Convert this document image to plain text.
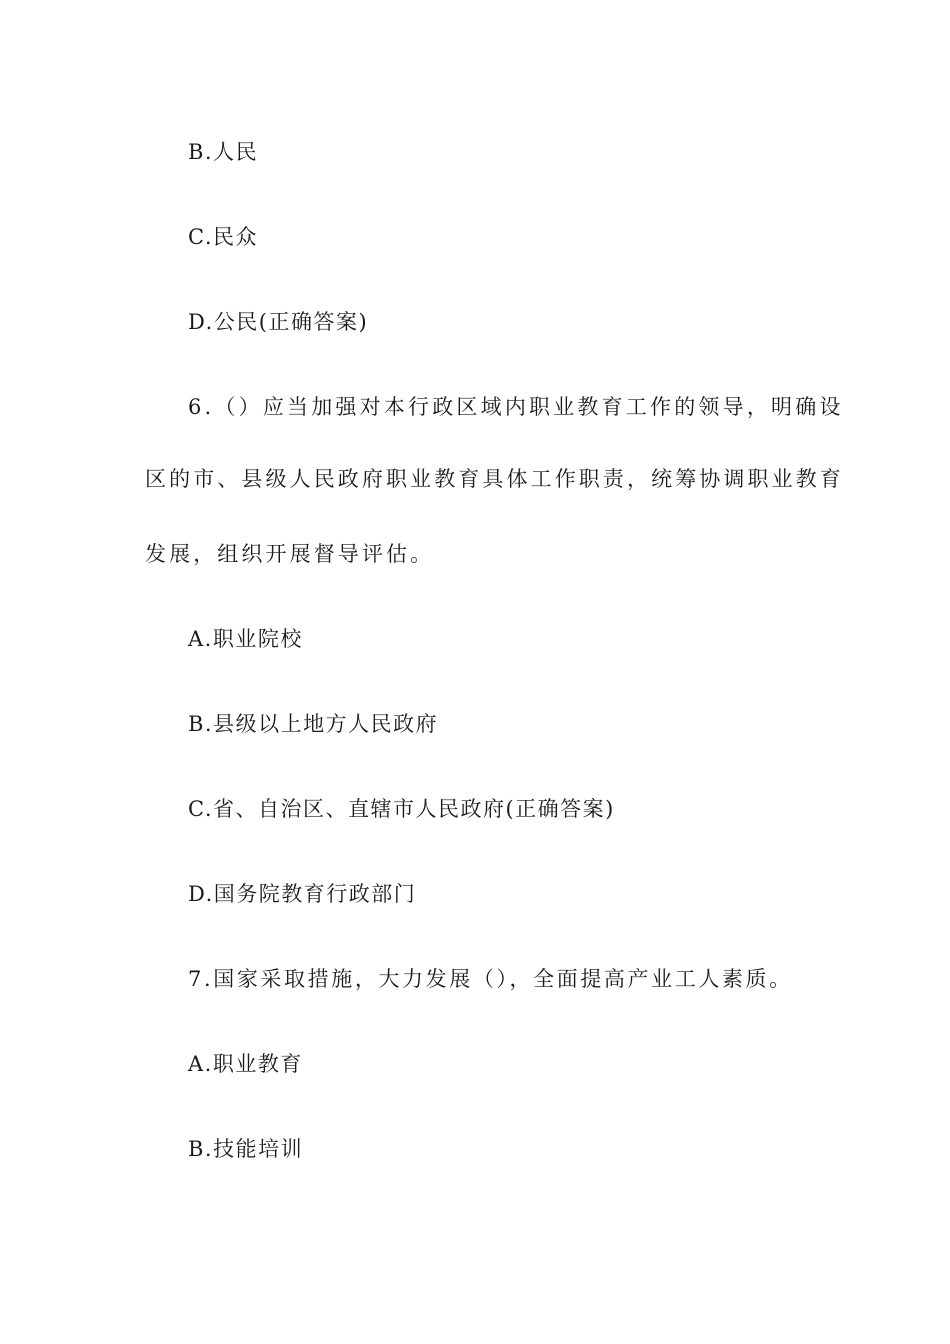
B.人民
C.民众
D.公民(正确答案)
6.（）应当加强对本行政区域内职业教育工作的领导，明确设
区的市、县级人民政府职业教育具体工作职责，统筹协调职业教育
发展，组织开展督导评估。
A.职业院校
B.县级以上地方人民政府
C.省、自治区、直辖市人民政府(正确答案)
D.国务院教育行政部门
7.国家采取措施，大力发展（），全面提高产业工人素质。
A.职业教育
B.技能培训
